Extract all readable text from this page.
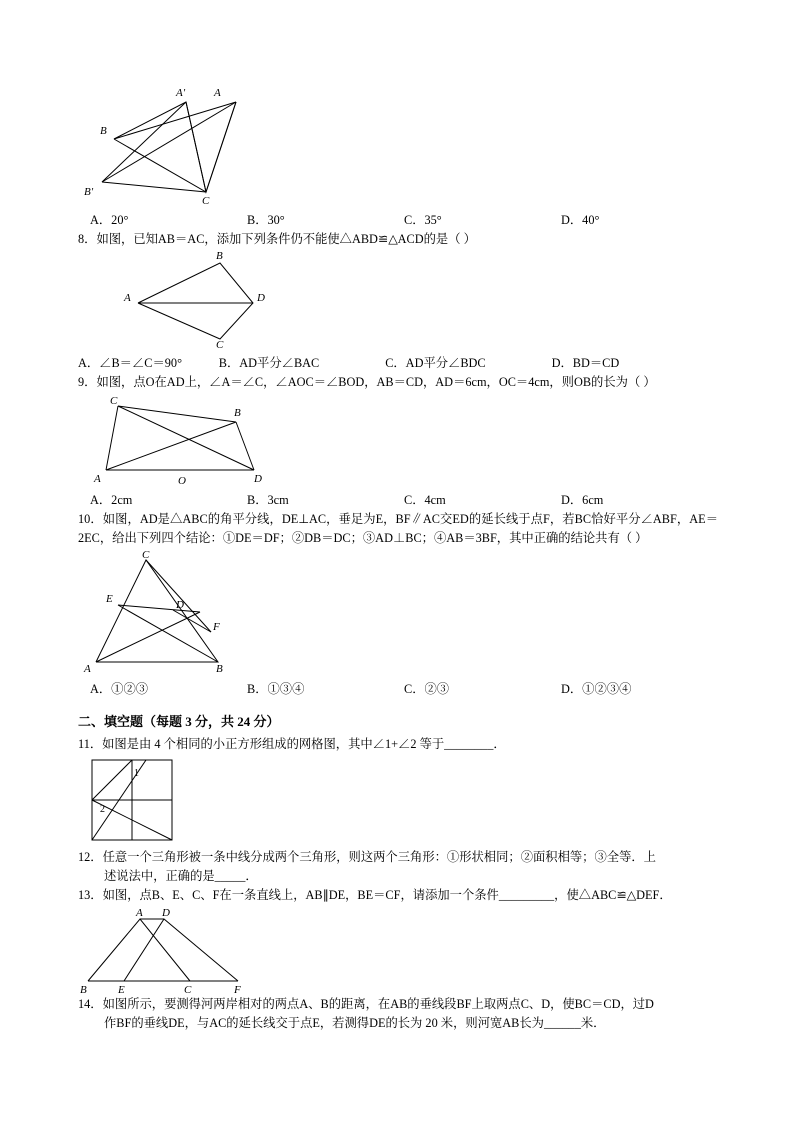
A′	A
B
B′
C
A．20°	B．30°	C．35°	D．40°

8．如图，已知AB＝AC，添加下列条件仍不能使△ABD≌△ACD的是（ ）

B
A	D
C
A．∠B＝∠C＝90°	B．AD平分∠BAC	C．AD平分∠BDC	D．BD＝CD

9．如图，点O在AD上，∠A＝∠C，∠AOC＝∠BOD，AB＝CD，AD＝6cm，OC＝4cm，则OB的长为（ ）

C
B
A	O	D
A．2cm	B．3cm	C．4cm	D．6cm

10．如图，AD是△ABC的角平分线，DE⊥AC，垂足为E，BF∥AC交ED的延长线于点F，若BC恰好平分∠ABF，AE＝2EC，给出下列四个结论：①DE＝DF；②DB＝DC；③AD⊥BC；④AB＝3BF，其中正确的结论共有（ ）

C
E	D
F
A	B
A．①②③	B．①③④	C．②③	D．①②③④
二、填空题（每题 3 分，共 24 分）

11．如图是由 4 个相同的小正方形组成的网格图，其中∠1+∠2 等于________．

1
2

12．任意一个三角形被一条中线分成两个三角形，则这两个三角形：①形状相同；②面积相等；③全等．上

述说法中，正确的是_____．

13．如图，点B、E、C、F在一条直线上，AB∥DE，BE＝CF，请添加一个条件_________，使△ABC≌△DEF．

A D
B	E	C	F

14．如图所示，要测得河两岸相对的两点A、B的距离，在AB的垂线段BF上取两点C、D，使BC＝CD，过D

作BF的垂线DE，与AC的延长线交于点E，若测得DE的长为 20 米，则河宽AB长为______米．
